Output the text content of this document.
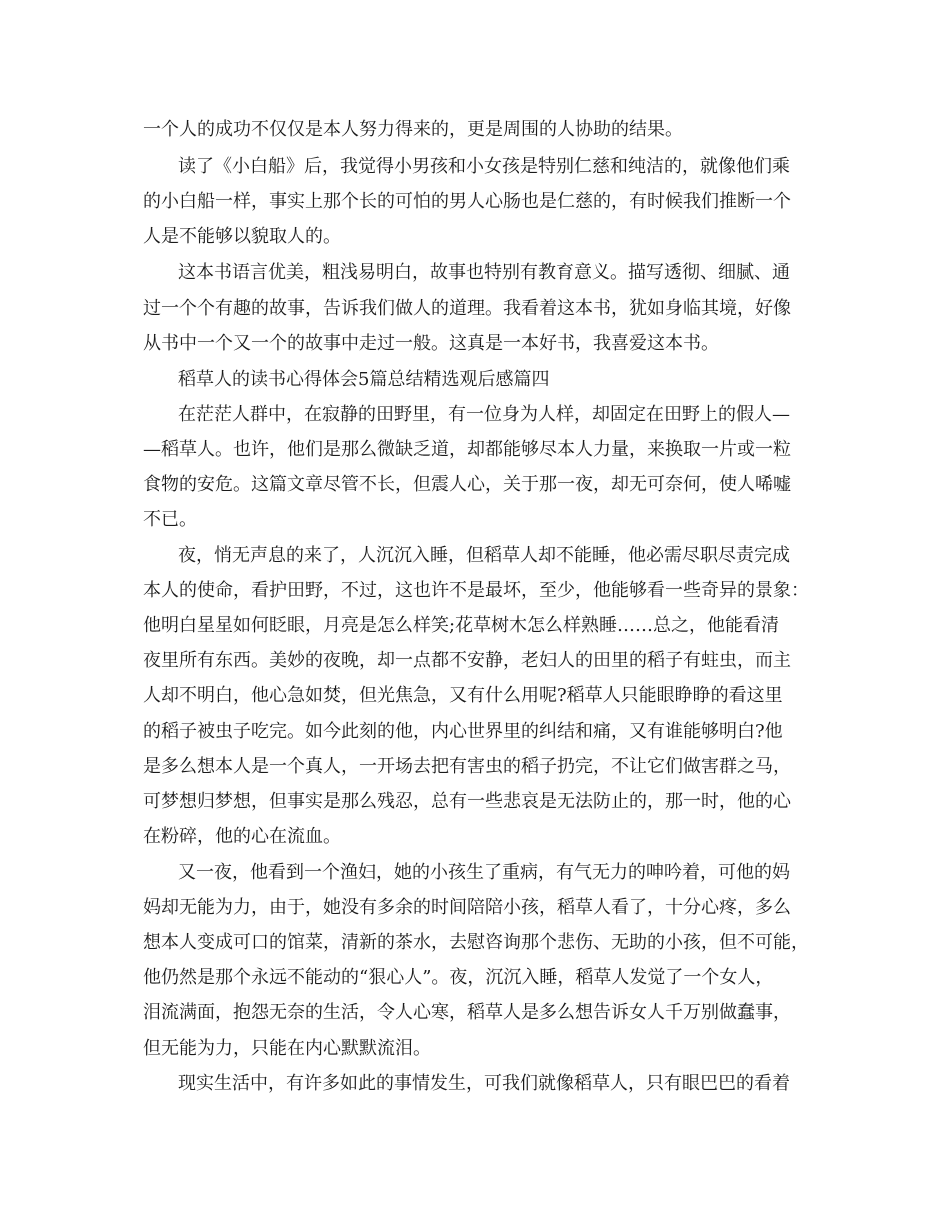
一个人的成功不仅仅是本人努力得来的，更是周围的人协助的结果。
读了《小白船》后，我觉得小男孩和小女孩是特别仁慈和纯洁的，就像他们乘
的小白船一样，事实上那个长的可怕的男人心肠也是仁慈的，有时候我们推断一个
人是不能够以貌取人的。
这本书语言优美，粗浅易明白，故事也特别有教育意义。描写透彻、细腻、通
过一个个有趣的故事，告诉我们做人的道理。我看着这本书，犹如身临其境，好像
从书中一个又一个的故事中走过一般。这真是一本好书，我喜爱这本书。
稻草人的读书心得体会5篇总结精选观后感篇四
在茫茫人群中，在寂静的田野里，有一位身为人样，却固定在田野上的假人—
—稻草人。也许，他们是那么微缺乏道，却都能够尽本人力量，来换取一片或一粒
食物的安危。这篇文章尽管不长，但震人心，关于那一夜，却无可奈何，使人唏嘘
不已。
夜，悄无声息的来了，人沉沉入睡，但稻草人却不能睡，他必需尽职尽责完成
本人的使命，看护田野，不过，这也许不是最坏，至少，他能够看一些奇异的景象：
他明白星星如何眨眼，月亮是怎么样笑;花草树木怎么样熟睡……总之，他能看清
夜里所有东西。美妙的夜晚，却一点都不安静，老妇人的田里的稻子有蛀虫，而主
人却不明白，他心急如焚，但光焦急，又有什么用呢?稻草人只能眼睁睁的看这里
的稻子被虫子吃完。如今此刻的他，内心世界里的纠结和痛，又有谁能够明白?他
是多么想本人是一个真人，一开场去把有害虫的稻子扔完，不让它们做害群之马，
可梦想归梦想，但事实是那么残忍，总有一些悲哀是无法防止的，那一时，他的心
在粉碎，他的心在流血。
又一夜，他看到一个渔妇，她的小孩生了重病，有气无力的呻吟着，可他的妈
妈却无能为力，由于，她没有多余的时间陪陪小孩，稻草人看了，十分心疼，多么
想本人变成可口的馆菜，清新的茶水，去慰咨询那个悲伤、无助的小孩，但不可能，
他仍然是那个永远不能动的“狠心人”。夜，沉沉入睡，稻草人发觉了一个女人，
泪流满面，抱怨无奈的生活，令人心寒，稻草人是多么想告诉女人千万别做蠢事，
但无能为力，只能在内心默默流泪。
现实生活中，有许多如此的事情发生，可我们就像稻草人，只有眼巴巴的看着
